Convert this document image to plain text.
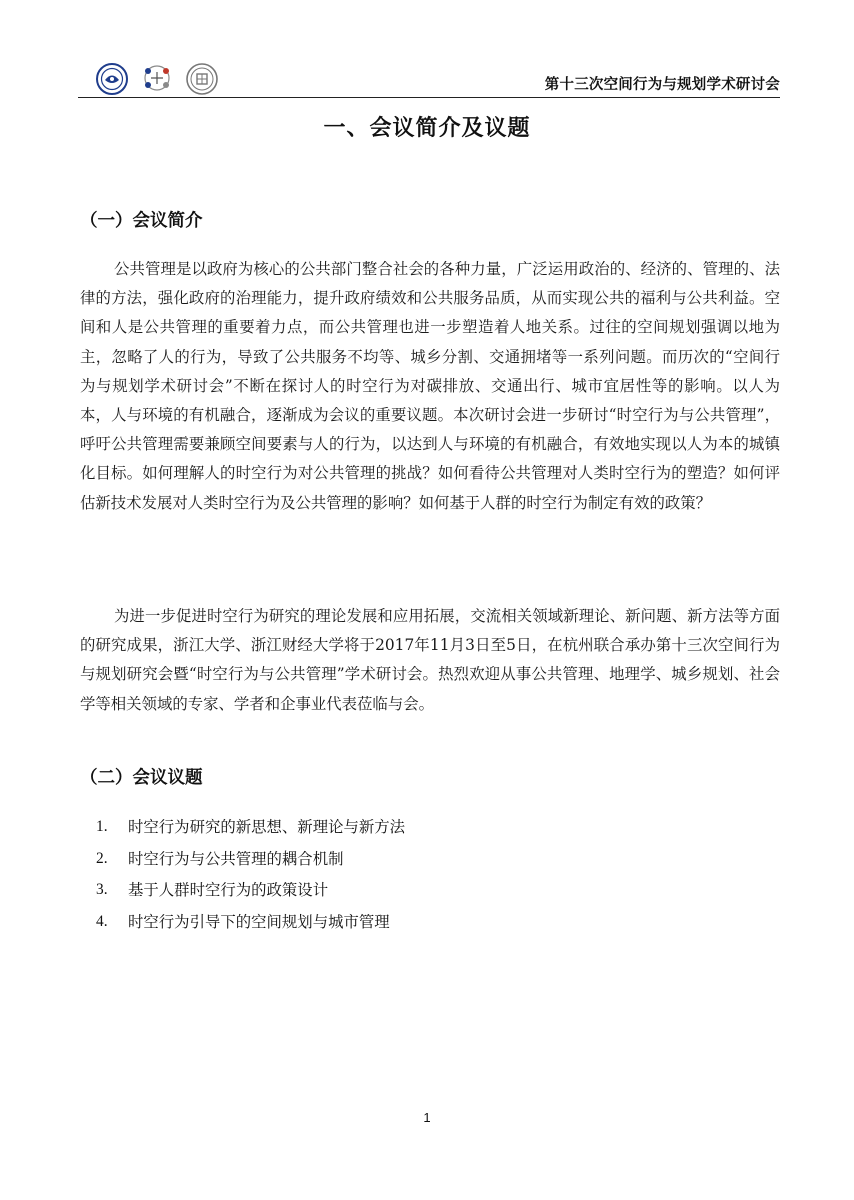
第十三次空间行为与规划学术研讨会
一、会议简介及议题
（一）会议简介

公共管理是以政府为核心的公共部门整合社会的各种力量，广泛运用政治的、经济的、管理的、法律的方法，强化政府的治理能力，提升政府绩效和公共服务品质，从而实现公共的福利与公共利益。空间和人是公共管理的重要着力点，而公共管理也进一步塑造着人地关系。过往的空间规划强调以地为主，忽略了人的行为，导致了公共服务不均等、城乡分割、交通拥堵等一系列问题。而历次的“空间行为与规划学术研讨会”不断在探讨人的时空行为对碳排放、交通出行、城市宜居性等的影响。以人为本，人与环境的有机融合，逐渐成为会议的重要议题。本次研讨会进一步研讨“时空行为与公共管理”，呼吁公共管理需要兼顾空间要素与人的行为，以达到人与环境的有机融合，有效地实现以人为本的城镇化目标。如何理解人的时空行为对公共管理的挑战？如何看待公共管理对人类时空行为的塑造？如何评估新技术发展对人类时空行为及公共管理的影响？如何基于人群的时空行为制定有效的政策？

为进一步促进时空行为研究的理论发展和应用拓展，交流相关领域新理论、新问题、新方法等方面的研究成果，浙江大学、浙江财经大学将于2017年11月3日至5日，在杭州联合承办第十三次空间行为与规划研究会暨“时空行为与公共管理”学术研讨会。热烈欢迎从事公共管理、地理学、城乡规划、社会学等相关领域的专家、学者和企事业代表莅临与会。

（二）会议议题
1.	时空行为研究的新思想、新理论与新方法
2.	时空行为与公共管理的耦合机制
3.	基于人群时空行为的政策设计
4.	时空行为引导下的空间规划与城市管理
1
